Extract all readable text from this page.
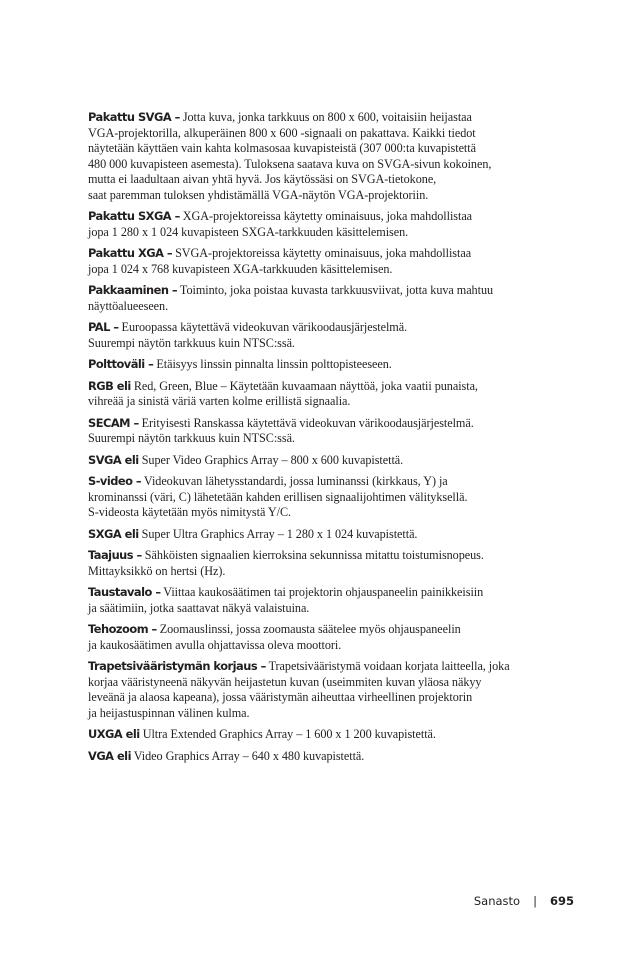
Pakattu SVGA – Jotta kuva, jonka tarkkuus on 800 x 600, voitaisiin heijastaa
VGA-projektorilla, alkuperäinen 800 x 600 -signaali on pakattava. Kaikki tiedot
näytetään käyttäen vain kahta kolmasosaa kuvapisteistä (307 000:ta kuvapistettä
480 000 kuvapisteen asemesta). Tuloksena saatava kuva on SVGA-sivun kokoinen,
mutta ei laadultaan aivan yhtä hyvä. Jos käytössäsi on SVGA-tietokone,
saat paremman tuloksen yhdistämällä VGA-näytön VGA-projektoriin.
Pakattu SXGA – XGA-projektoreissa käytetty ominaisuus, joka mahdollistaa
jopa 1 280 x 1 024 kuvapisteen SXGA-tarkkuuden käsittelemisen.
Pakattu XGA – SVGA-projektoreissa käytetty ominaisuus, joka mahdollistaa
jopa 1 024 x 768 kuvapisteen XGA-tarkkuuden käsittelemisen.
Pakkaaminen – Toiminto, joka poistaa kuvasta tarkkuusviivat, jotta kuva mahtuu
näyttöalueeseen.
PAL – Euroopassa käytettävä videokuvan värikoodausjärjestelmä.
Suurempi näytön tarkkuus kuin NTSC:ssä.
Polttoväli – Etäisyys linssin pinnalta linssin polttopisteeseen.
RGB eli Red, Green, Blue – Käytetään kuvaamaan näyttöä, joka vaatii punaista,
vihreää ja sinistä väriä varten kolme erillistä signaalia.
SECAM – Erityisesti Ranskassa käytettävä videokuvan värikoodausjärjestelmä.
Suurempi näytön tarkkuus kuin NTSC:ssä.
SVGA eli Super Video Graphics Array – 800 x 600 kuvapistettä.
S-video – Videokuvan lähetysstandardi, jossa luminanssi (kirkkaus, Y) ja
krominanssi (väri, C) lähetetään kahden erillisen signaalijohtimen välityksellä.
S-videosta käytetään myös nimitystä Y/C.
SXGA eli Super Ultra Graphics Array – 1 280 x 1 024 kuvapistettä.
Taajuus – Sähköisten signaalien kierroksina sekunnissa mitattu toistumisnopeus.
Mittayksikkö on hertsi (Hz).
Taustavalo – Viittaa kaukosäätimen tai projektorin ohjauspaneelin painikkeisiin
ja säätimiin, jotka saattavat näkyä valaistuina.
Tehozoom – Zoomauslinssi, jossa zoomausta säätelee myös ohjauspaneelin
ja kaukosäätimen avulla ohjattavissa oleva moottori.
Trapetsivääristymän korjaus – Trapetsivääristymä voidaan korjata laitteella, joka
korjaa vääristyneenä näkyvän heijastetun kuvan (useimmiten kuvan yläosa näkyy
leveänä ja alaosa kapeana), jossa vääristymän aiheuttaa virheellinen projektorin
ja heijastuspinnan välinen kulma.
UXGA eli Ultra Extended Graphics Array – 1 600 x 1 200 kuvapistettä.
VGA eli Video Graphics Array – 640 x 480 kuvapistettä.
Sanasto | 695
